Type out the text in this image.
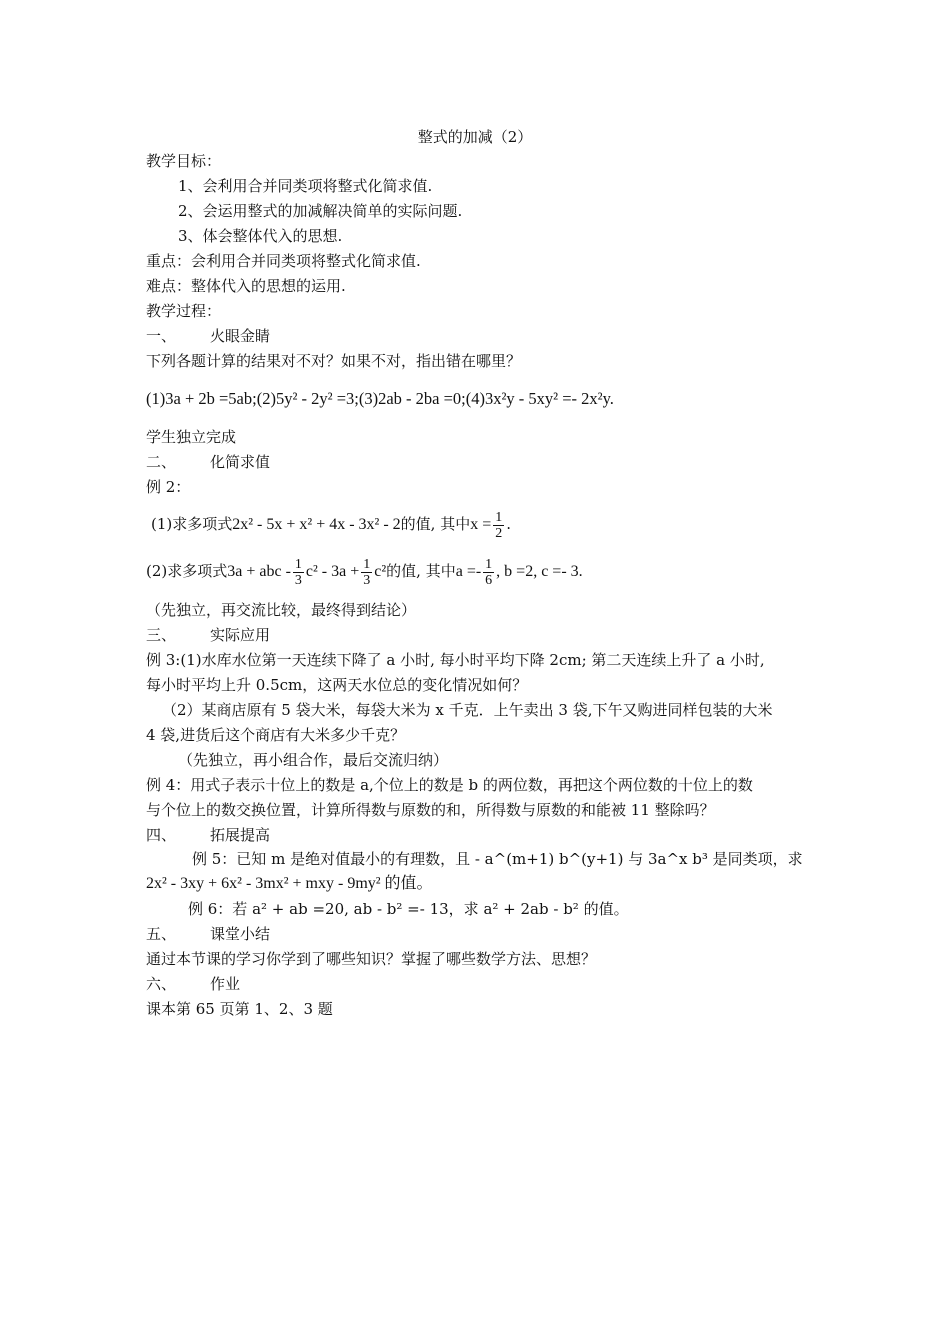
整式的加减（2）
教学目标：
1、会利用合并同类项将整式化简求值.
2、会运用整式的加减解决简单的实际问题.
3、体会整体代入的思想.
重点：会利用合并同类项将整式化简求值.
难点：整体代入的思想的运用.
教学过程：
一、 火眼金睛
下列各题计算的结果对不对？如果不对，指出错在哪里？
(1)3a + 2b =5ab;(2)5y² - 2y² =3;(3)2ab - 2ba =0;(4)3x²y - 5xy² =- 2x²y.
学生独立完成
二、 化简求值
例 2：
(1)求多项式2x² - 5x + x² + 4x - 3x² - 2的值, 其中$x = \frac{1}{2}$ .
(2)求多项式3a + abc - $\frac{1}{3} c^2 - 3a + \frac{1}{3} c^2$的值, 其中$a =- \frac{1}{6}$ , b =2, c =- 3.
（先独立，再交流比较，最终得到结论）
三、 实际应用
例 3:(1)水库水位第一天连续下降了 a 小时, 每小时平均下降 2cm; 第二天连续上升了 a 小时,
每小时平均上升 0.5cm，这两天水位总的变化情况如何？
（2）某商店原有 5 袋大米，每袋大米为 x 千克．上午卖出 3 袋,下午又购进同样包装的大米
4 袋,进货后这个商店有大米多少千克？
（先独立，再小组合作，最后交流归纳）
例 4：用式子表示十位上的数是 a,个位上的数是 b 的两位数，再把这个两位数的十位上的数
与个位上的数交换位置，计算所得数与原数的和，所得数与原数的和能被 11 整除吗？
四、 拓展提高
例 5：已知 m 是绝对值最小的有理数，且 - a^(m+1) b^(y+1) 与 3a^x b³ 是同类项，求
2x² - 3xy + 6x² - 3mx² + mxy - 9my² 的值。
例 6：若 a² + ab =20, ab - b² =- 13，求 a² + 2ab - b² 的值。
五、 课堂小结
通过本节课的学习你学到了哪些知识？掌握了哪些数学方法、思想？
六、 作业
课本第 65 页第 1、2、3 题
